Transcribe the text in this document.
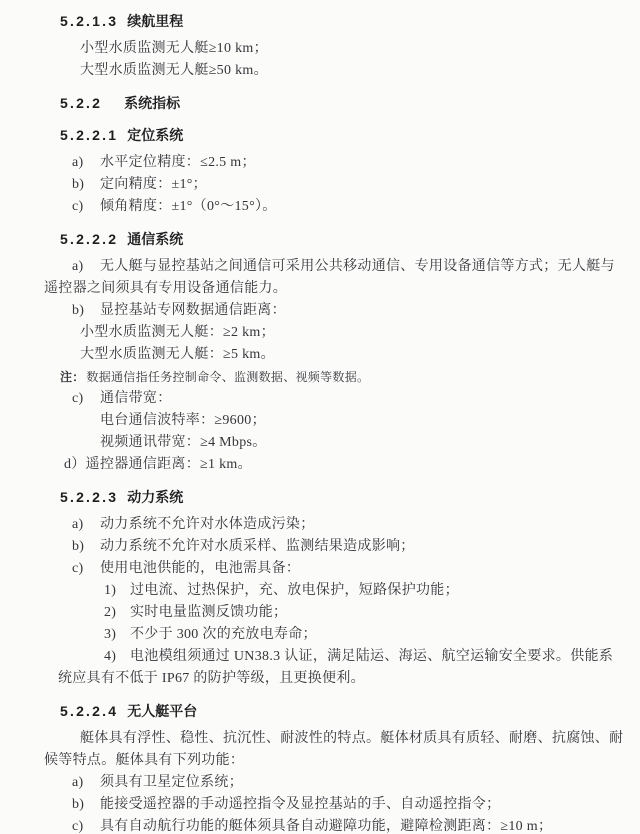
5.2.1.3 续航里程
小型水质监测无人艇≥10 km；
大型水质监测无人艇≥50 km。
5.2.2 系统指标
5.2.2.1 定位系统
a)	水平定位精度：≤2.5 m；
b)	定向精度：±1°；
c)	倾角精度：±1°（0°～15°）。
5.2.2.2 通信系统
a)	无人艇与显控基站之间通信可采用公共移动通信、专用设备通信等方式；无人艇与
遥控器之间须具有专用设备通信能力。
b)	显控基站专网数据通信距离：
小型水质监测无人艇：≥2 km；
大型水质监测无人艇：≥5 km。
注： 数据通信指任务控制命令、监测数据、视频等数据。
c)	通信带宽：
电台通信波特率：≥9600；
视频通讯带宽：≥4 Mbps。
d）遥控器通信距离：≥1 km。
5.2.2.3 动力系统
a)	动力系统不允许对水体造成污染；
b)	动力系统不允许对水质采样、监测结果造成影响；
c)	使用电池供能的，电池需具备：
1) 过电流、过热保护，充、放电保护，短路保护功能；
2) 实时电量监测反馈功能；
3) 不少于 300 次的充放电寿命；
4) 电池模组须通过 UN38.3 认证，满足陆运、海运、航空运输安全要求。供能系
统应具有不低于 IP67 的防护等级，且更换便利。
5.2.2.4 无人艇平台
艇体具有浮性、稳性、抗沉性、耐波性的特点。艇体材质具有质轻、耐磨、抗腐蚀、耐
候等特点。艇体具有下列功能：
a)	须具有卫星定位系统；
b)	能接受遥控器的手动遥控指令及显控基站的手、自动遥控指令；
c)	具有自动航行功能的艇体须具备自动避障功能，避障检测距离：≥10 m；
